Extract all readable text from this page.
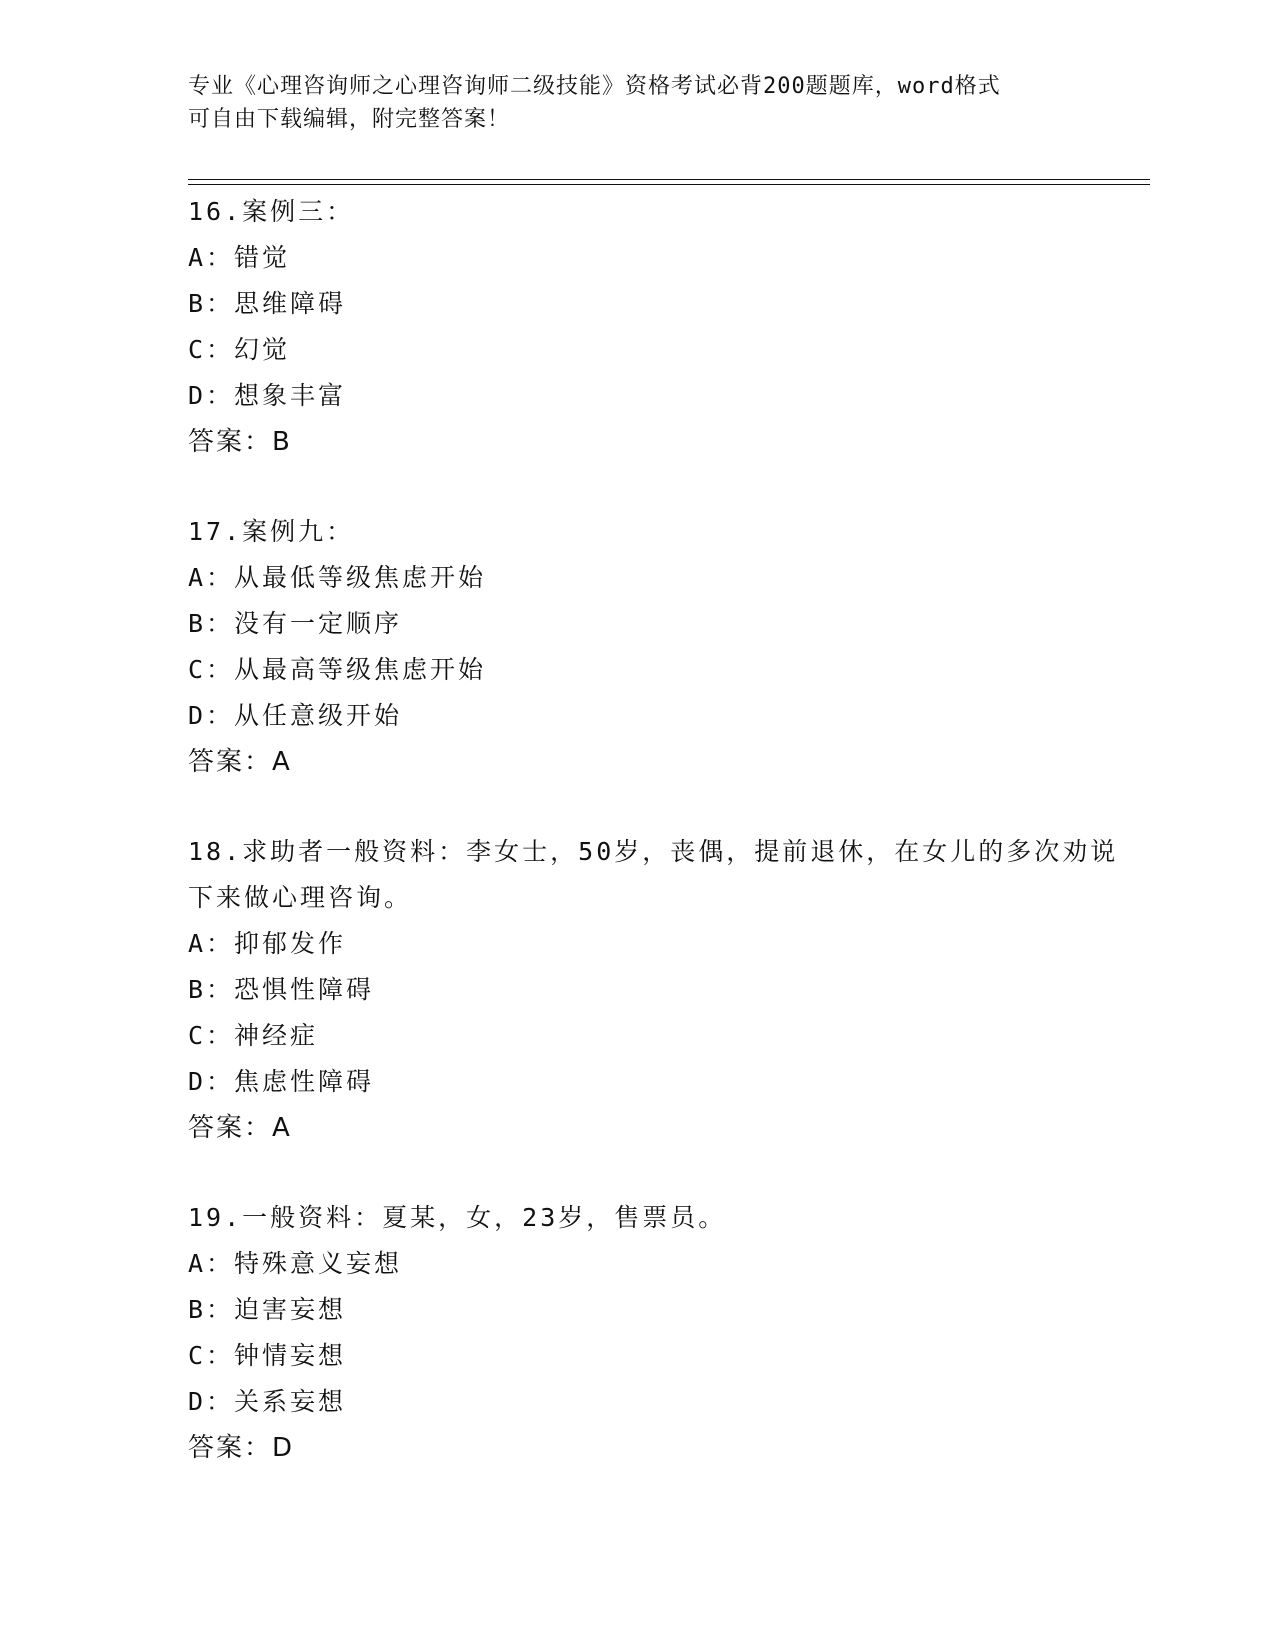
专业《心理咨询师之心理咨询师二级技能》资格考试必背200题题库，word格式
可自由下载编辑，附完整答案！

16.案例三：

A：错觉

B：思维障碍

C：幻觉

D：想象丰富

答案：B

17.案例九：

A：从最低等级焦虑开始

B：没有一定顺序

C：从最高等级焦虑开始

D：从任意级开始

答案：A

18.求助者一般资料：李女士，50岁，丧偶，提前退休，在女儿的多次劝说下来做心理咨询。

A：抑郁发作

B：恐惧性障碍

C：神经症

D：焦虑性障碍

答案：A

19.一般资料：夏某，女，23岁，售票员。

A：特殊意义妄想

B：迫害妄想

C：钟情妄想

D：关系妄想

答案：D
